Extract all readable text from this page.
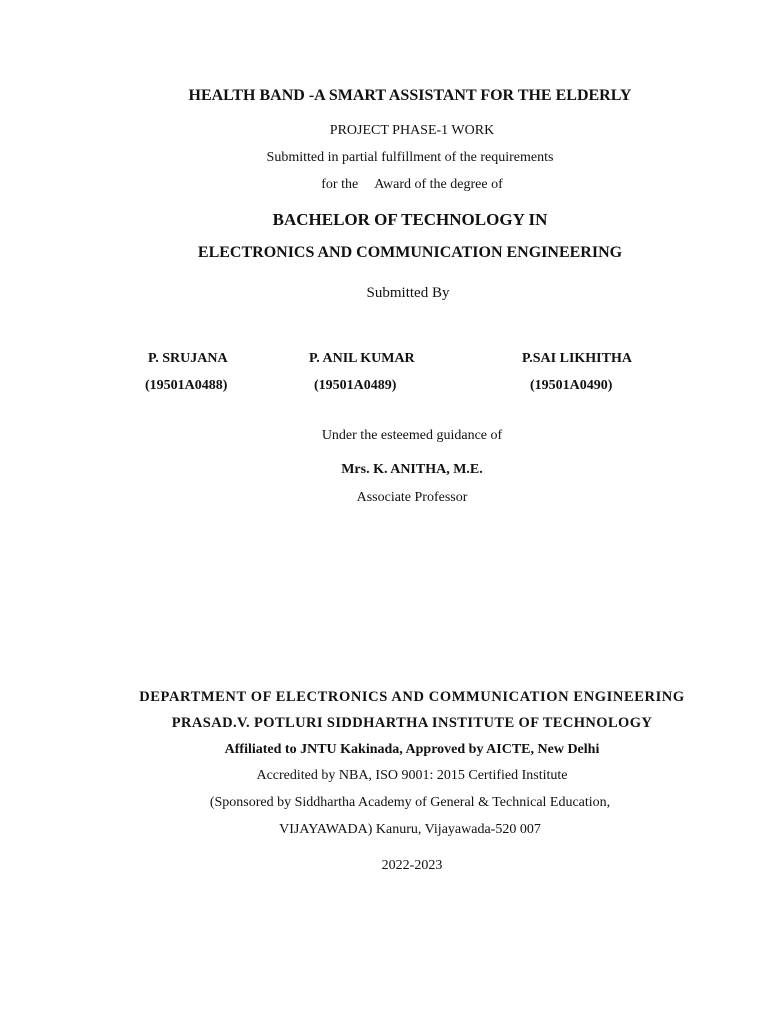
HEALTH BAND -A SMART ASSISTANT FOR THE ELDERLY
PROJECT PHASE-1 WORK
Submitted in partial fulfillment of the requirements
for the Award of the degree of
BACHELOR OF TECHNOLOGY IN
ELECTRONICS AND COMMUNICATION ENGINEERING
Submitted By
P. SRUJANA
(19501A0488)
P. ANIL KUMAR
(19501A0489)
P.SAI LIKHITHA
(19501A0490)
Under the esteemed guidance of
Mrs. K. ANITHA, M.E.
Associate Professor
DEPARTMENT OF ELECTRONICS AND COMMUNICATION ENGINEERING
PRASAD.V. POTLURI SIDDHARTHA INSTITUTE OF TECHNOLOGY
Affiliated to JNTU Kakinada, Approved by AICTE, New Delhi
Accredited by NBA, ISO 9001: 2015 Certified Institute
(Sponsored by Siddhartha Academy of General & Technical Education,
VIJAYAWADA) Kanuru, Vijayawada-520 007
2022-2023
